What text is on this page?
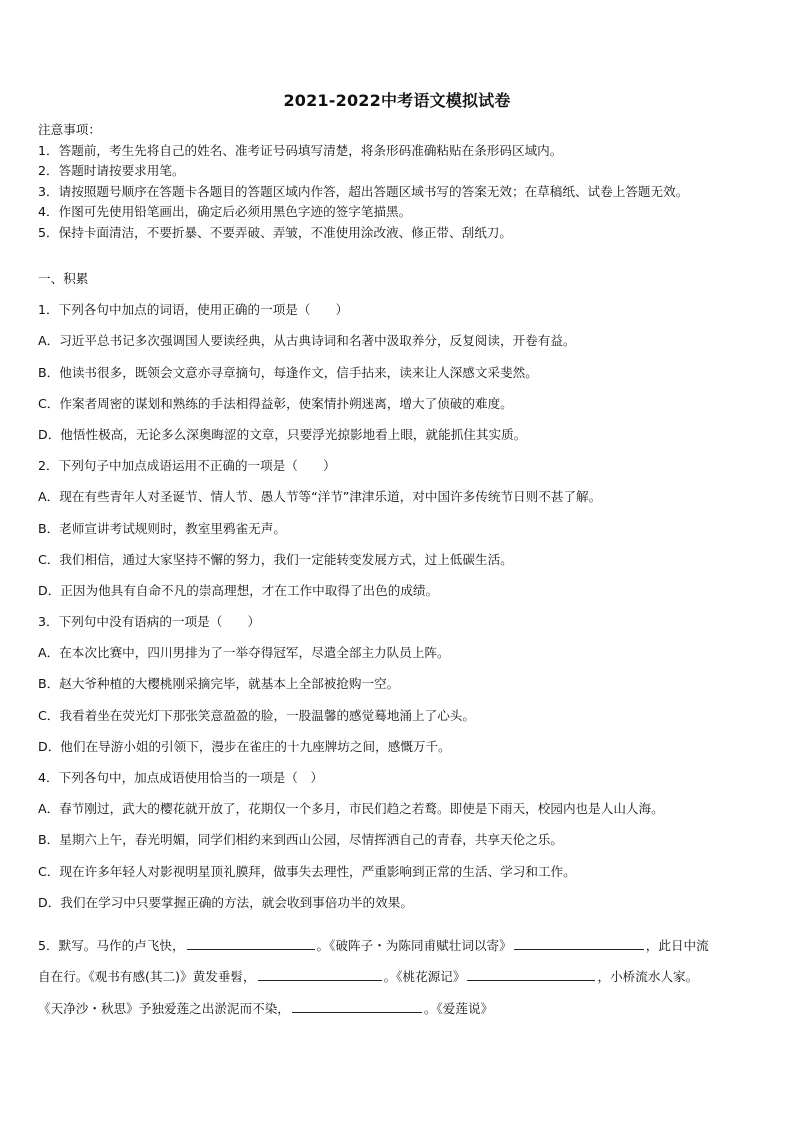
2021-2022中考语文模拟试卷
注意事项：
1．答题前，考生先将自己的姓名、准考证号码填写清楚，将条形码准确粘贴在条形码区域内。
2．答题时请按要求用笔。
3．请按照题号顺序在答题卡各题目的答题区域内作答，超出答题区域书写的答案无效；在草稿纸、试卷上答题无效。
4．作图可先使用铅笔画出，确定后必须用黑色字迹的签字笔描黑。
5．保持卡面清洁，不要折暴、不要弄破、弄皱，不准使用涂改液、修正带、刮纸刀。
一、积累
1．下列各句中加点的词语，使用正确的一项是（　　）
A．习近平总书记多次强调国人要读经典，从古典诗词和名著中汲取养分，反复阅读，开卷有益。
B．他读书很多，既领会文意亦寻章摘句，每逢作文，信手拈来，读来让人深感文采斐然。
C．作案者周密的谋划和熟练的手法相得益彰，使案情扑朔迷离，增大了侦破的难度。
D．他悟性极高，无论多么深奥晦涩的文章，只要浮光掠影地看上眼，就能抓住其实质。
2．下列句子中加点成语运用不正确的一项是（　　）
A．现在有些青年人对圣诞节、情人节、愚人节等“洋节”津津乐道，对中国许多传统节日则不甚了解。
B．老师宣讲考试规则时，教室里鸦雀无声。
C．我们相信，通过大家坚持不懈的努力，我们一定能转变发展方式，过上低碳生活。
D．正因为他具有自命不凡的崇高理想，才在工作中取得了出色的成绩。
3．下列句中没有语病的一项是（　　）
A．在本次比赛中，四川男排为了一举夺得冠军，尽遣全部主力队员上阵。
B．赵大爷种植的大樱桃刚采摘完毕，就基本上全部被抢购一空。
C．我看着坐在荧光灯下那张笑意盈盈的脸，一股温馨的感觉蓦地涌上了心头。
D．他们在导游小姐的引领下，漫步在雀庄的十九座牌坊之间，感慨万千。
4．下列各句中，加点成语使用恰当的一项是（　）
A．春节刚过，武大的樱花就开放了，花期仅一个多月，市民们趋之若鹜。即使是下雨天，校园内也是人山人海。
B．星期六上午，春光明媚，同学们相约来到西山公园，尽情挥洒自己的青春，共享天伦之乐。
C．现在许多年轻人对影视明星顶礼膜拜，做事失去理性，严重影响到正常的生活、学习和工作。
D．我们在学习中只要掌握正确的方法，就会收到事倍功半的效果。
5．默写。马作的卢飞快，	。《破阵子・为陈同甫赋壮词以寄》	，此日中流
自在行。《观书有感(其二)》黄发垂髫，	。《桃花源记》	，小桥流水人家。
《天净沙・秋思》予独爱莲之出淤泥而不染，	。《爱莲说》
